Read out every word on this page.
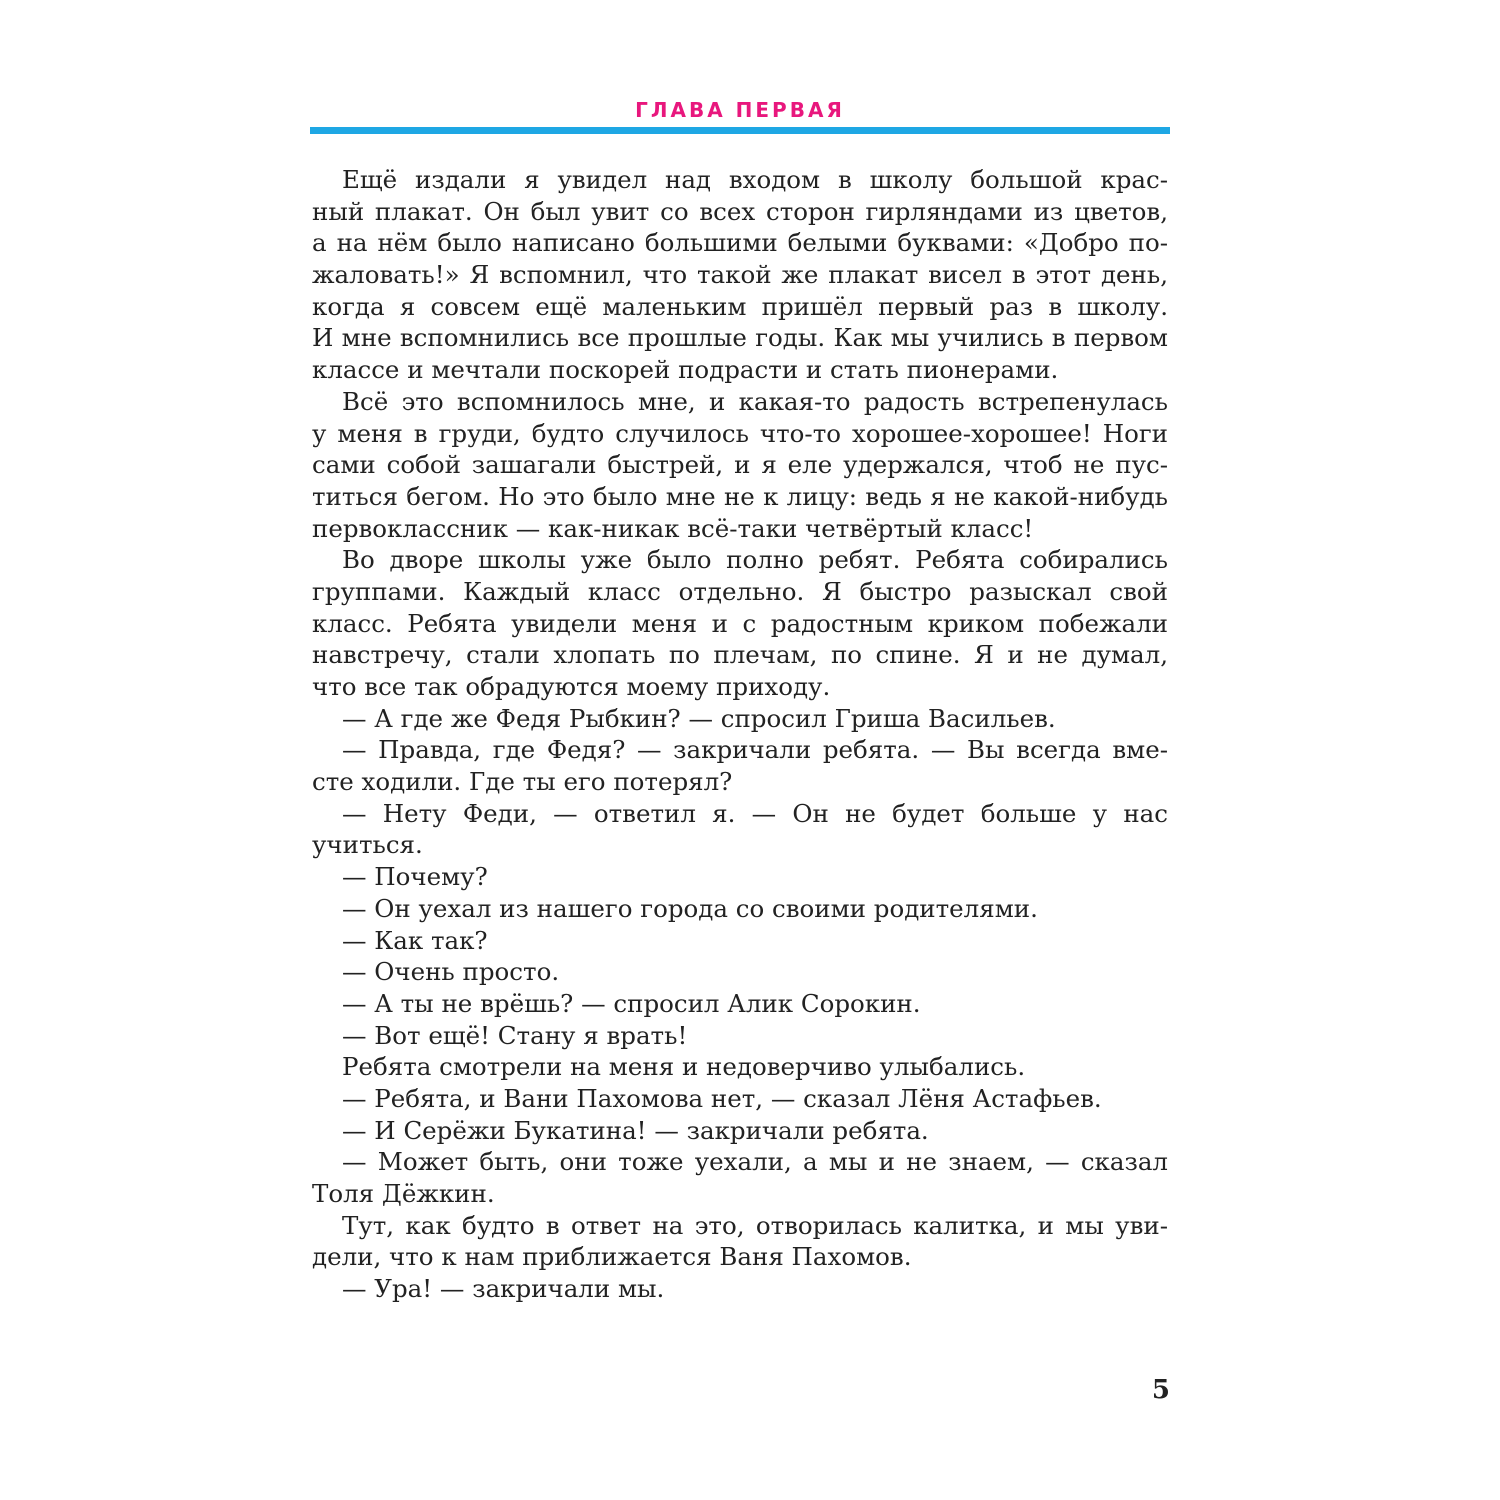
ГЛАВА ПЕРВАЯ
Ещё издали я увидел над входом в школу большой крас-
ный плакат. Он был увит со всех сторон гирляндами из цветов,
а на нём было написано большими белыми буквами: «Добро по-
жаловать!» Я вспомнил, что такой же плакат висел в этот день,
когда я совсем ещё маленьким пришёл первый раз в школу.
И мне вспомнились все прошлые годы. Как мы учились в первом
классе и мечтали поскорей подрасти и стать пионерами.
Всё это вспомнилось мне, и какая-то радость встрепенулась
у меня в груди, будто случилось что-то хорошее-хорошее! Ноги
сами собой зашагали быстрей, и я еле удержался, чтоб не пус-
титься бегом. Но это было мне не к лицу: ведь я не какой-нибудь
первоклассник — как-никак всё-таки четвёртый класс!
Во дворе школы уже было полно ребят. Ребята собирались
группами. Каждый класс отдельно. Я быстро разыскал свой
класс. Ребята увидели меня и с радостным криком побежали
навстречу, стали хлопать по плечам, по спине. Я и не думал,
что все так обрадуются моему приходу.
— А где же Федя Рыбкин? — спросил Гриша Васильев.
— Правда, где Федя? — закричали ребята. — Вы всегда вме-
сте ходили. Где ты его потерял?
— Нету Феди, — ответил я. — Он не будет больше у нас
учиться.
— Почему?
— Он уехал из нашего города со своими родителями.
— Как так?
— Очень просто.
— А ты не врёшь? — спросил Алик Сорокин.
— Вот ещё! Стану я врать!
Ребята смотрели на меня и недоверчиво улыбались.
— Ребята, и Вани Пахомова нет, — сказал Лёня Астафьев.
— И Серёжи Букатина! — закричали ребята.
— Может быть, они тоже уехали, а мы и не знаем, — сказал
Толя Дёжкин.
Тут, как будто в ответ на это, отворилась калитка, и мы уви-
дели, что к нам приближается Ваня Пахомов.
— Ура! — закричали мы.
5
